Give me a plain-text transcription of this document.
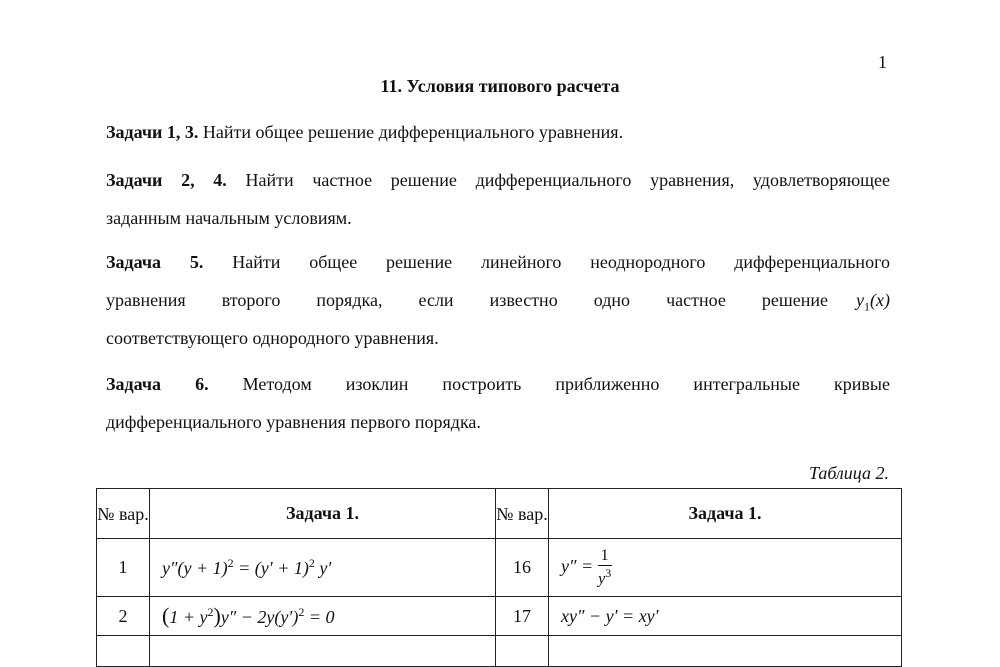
1
11. Условия типового расчета
Задачи 1, 3. Найти общее решение дифференциального уравнения.
Задачи 2, 4. Найти частное решение дифференциального уравнения, удовлетворяющее
заданным начальным условиям.
Задача 5. Найти общее решение линейного неоднородного дифференциального
уравнения второго порядка, если известно одно частное решение	$y_1(x)$
соответствующего однородного уравнения.
Задача 6. Методом изоклин построить приближенно интегральные кривые
дифференциального уравнения первого порядка.
Таблица 2.
№ вар.	Задача 1.	№ вар.	Задача 1.
1	$y''(y + 1)^2 = (y' + 1)^2$ y′	16	$y'' = \frac{1}{y^3}$

2	$(1 + y^2)y'' - 2y(y')^2 = 0$	17	xy″ − y′ = xy′
